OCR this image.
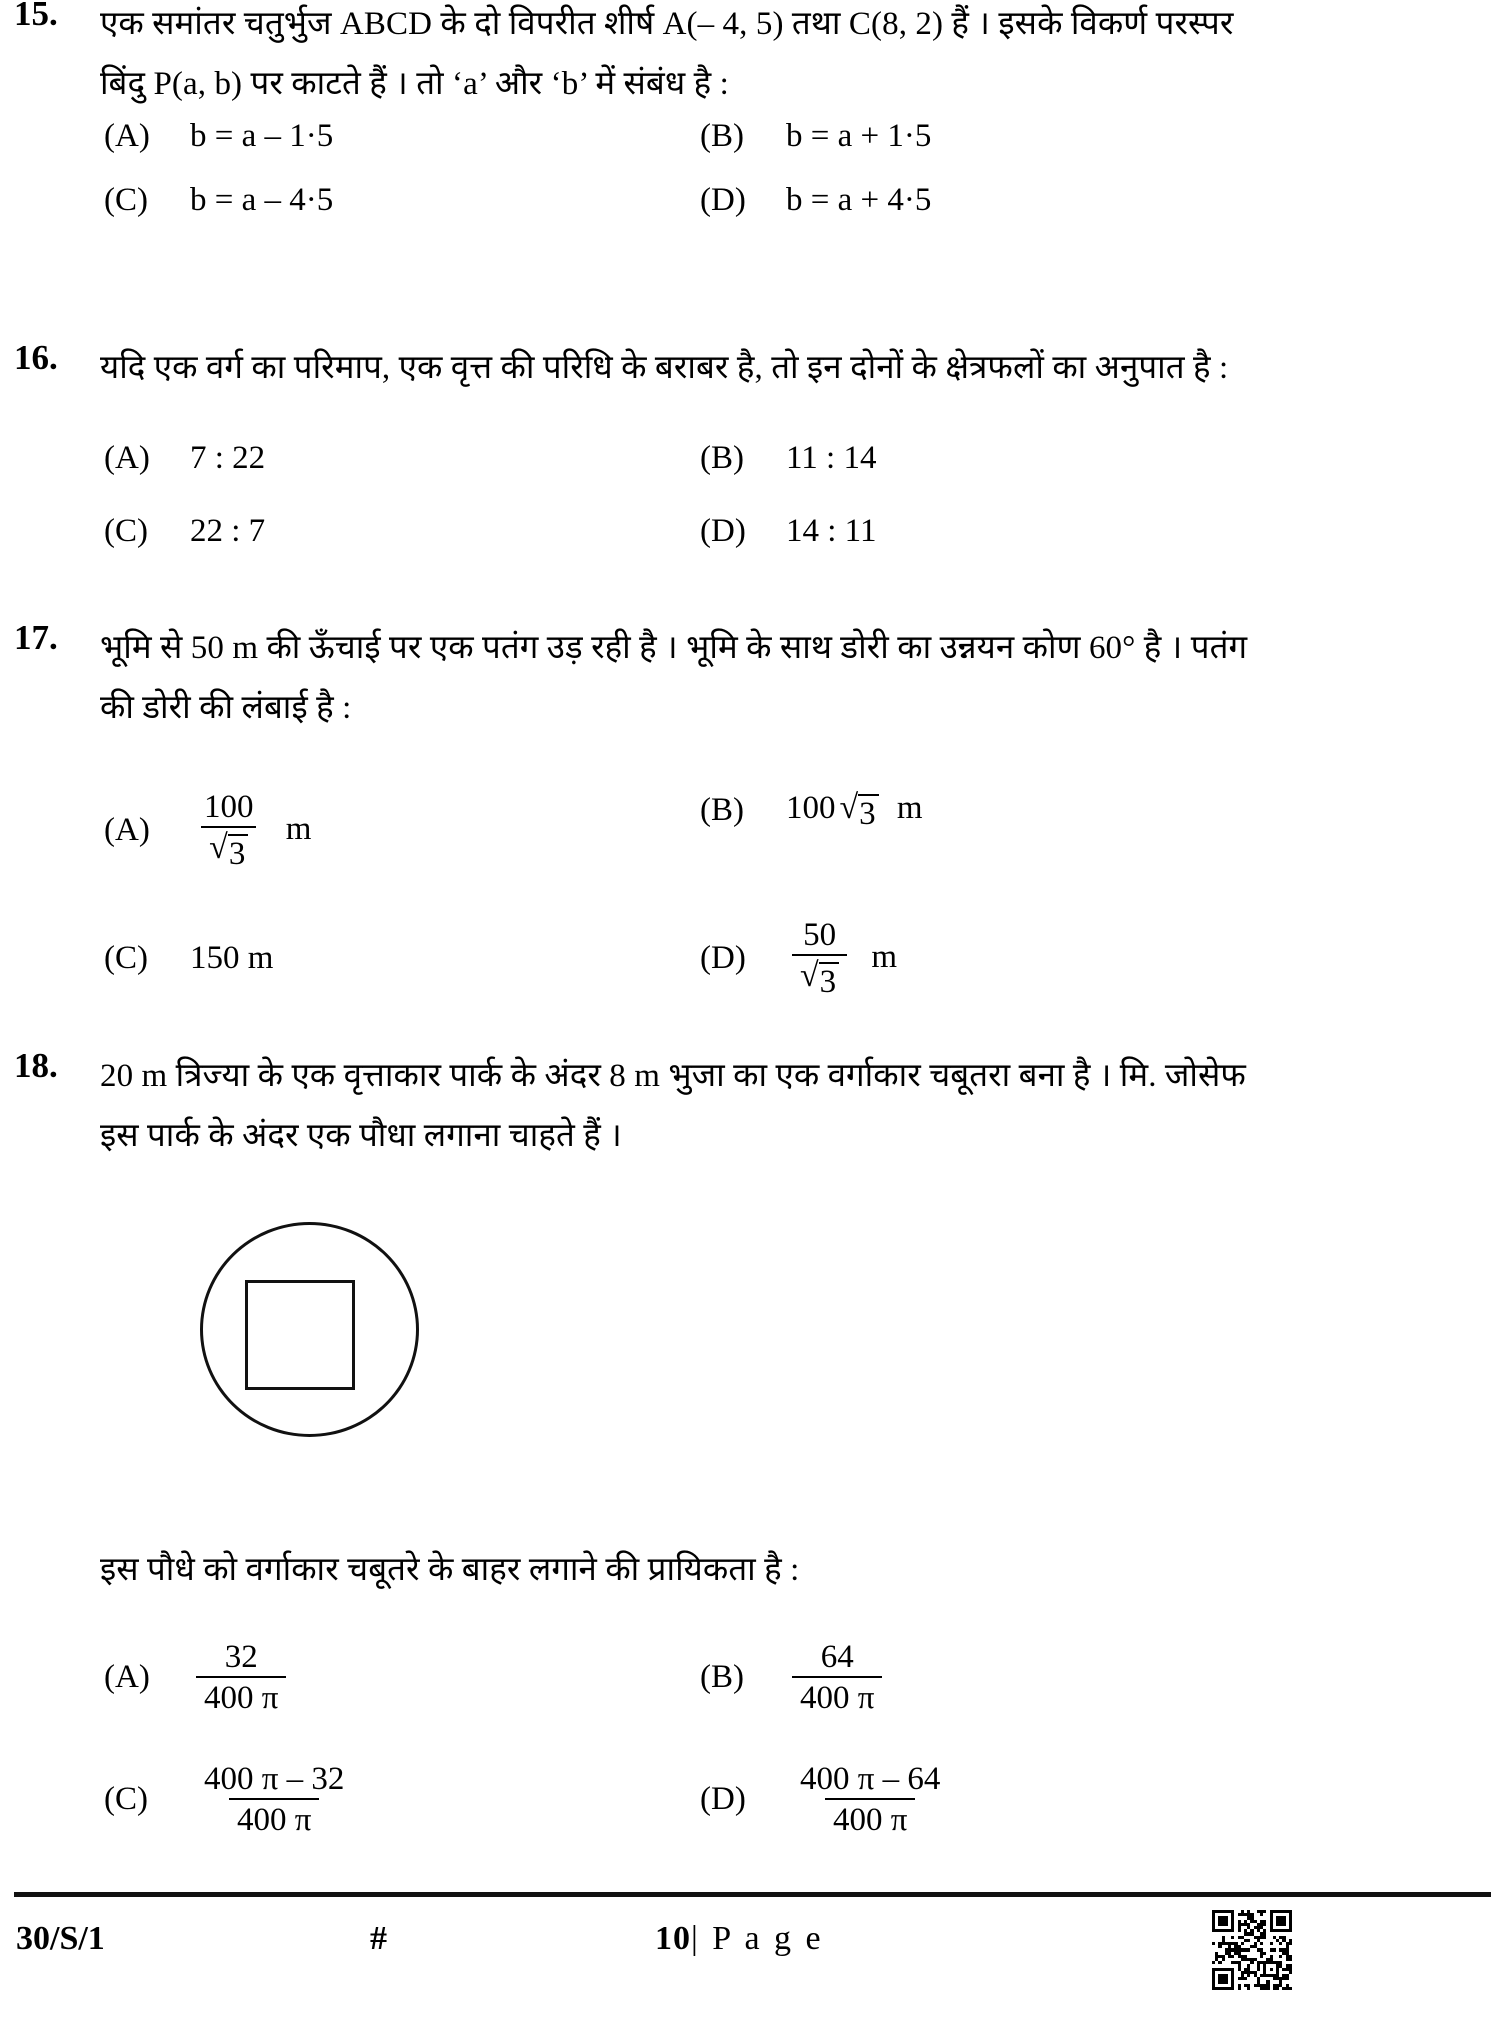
15.	एक समांतर चतुर्भुज ABCD के दो विपरीत शीर्ष A(– 4, 5) तथा C(8, 2) हैं । इसके विकर्ण परस्पर
बिंदु P(a, b) पर काटते हैं । तो ‘a’ और ‘b’ में संबंध है :
(A)	b = a – 1·5	(B)	b = a + 1·5
(C)	b = a – 4·5	(D)	b = a + 4·5
16.	यदि एक वर्ग का परिमाप, एक वृत्त की परिधि के बराबर है, तो इन दोनों के क्षेत्रफलों का अनुपात है :
(A)	7 : 22	(B)	11 : 14
(C)	22 : 7	(D)	14 : 11
17.	भूमि से 50 m की ऊँचाई पर एक पतंग उड़ रही है । भूमि के साथ डोरी का उन्नयन कोण 60° है । पतंग
की डोरी की लंबाई है :
(A)	$\frac{100}{√ 3}$ m
(B)	100 √ 3 m
(C)	150 m	(D)	$\frac{50}{√ 3}$ m
18.	20 m त्रिज्या के एक वृत्ताकार पार्क के अंदर 8 m भुजा का एक वर्गाकार चबूतरा बना है । मि. जोसेफ
इस पार्क के अंदर एक पौधा लगाना चाहते हैं ।
इस पौधे को वर्गाकार चबूतरे के बाहर लगाने की प्रायिकता है :
(A)	$\frac{32}{400 \pi}$	(B)	$\frac{64}{400 \pi}$
(C)	$\frac{400 \pi - 32}{400 \pi}$	(D)	$\frac{400 \pi - 64}{400 \pi}$
30/S/1	#	10| P a g e
